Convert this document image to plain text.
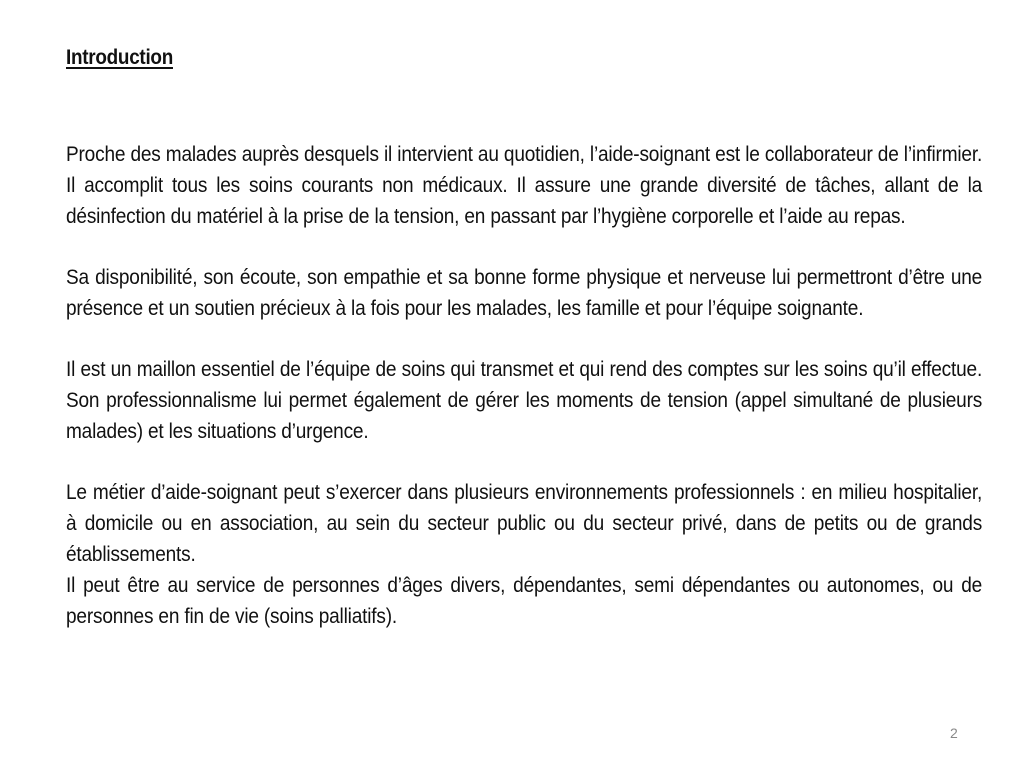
Introduction

Proche des malades auprès desquels il intervient au quotidien, l’aide-soignant est le collaborateur de l’infirmier. Il accomplit tous les soins courants non médicaux. Il assure une grande diversité de tâches, allant de la désinfection du matériel à la prise de la tension, en passant par l’hygiène corporelle et l’aide au repas.

Sa disponibilité, son écoute, son empathie et sa bonne forme physique et nerveuse lui permettront d’être une présence et un soutien précieux à la fois pour les malades, les famille et pour l’équipe soignante.

Il est un maillon essentiel de l’équipe de soins qui transmet et qui rend des comptes sur les soins qu’il effectue. Son professionnalisme lui permet également de gérer les moments de tension (appel simultané de plusieurs malades) et les situations d’urgence.

Le métier d’aide-soignant peut s’exercer dans plusieurs environnements professionnels : en milieu hospitalier, à domicile ou en association, au sein du secteur public ou du secteur privé, dans de petits ou de grands établissements.

Il peut être au service de personnes d’âges divers, dépendantes, semi dépendantes ou autonomes, ou de personnes en fin de vie (soins palliatifs).

2
